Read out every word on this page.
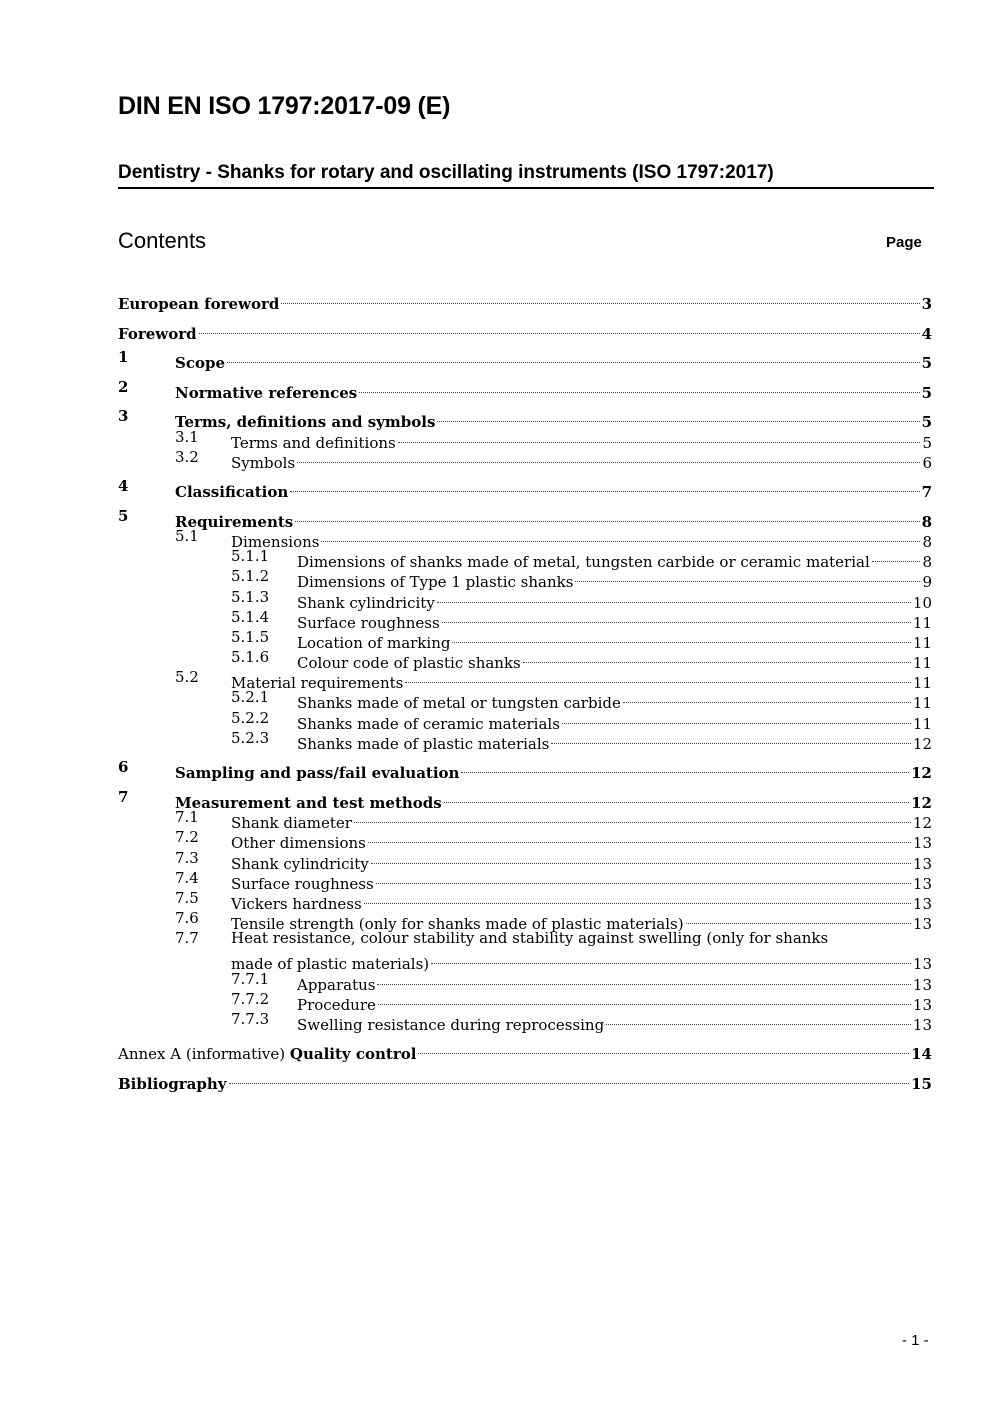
DIN EN ISO 1797:2017-09 (E)
Dentistry - Shanks for rotary and oscillating instruments (ISO 1797:2017)
Contents	Page
European foreword	3
Foreword	4
1	Scope	5
2	Normative references	5
3	Terms, definitions and symbols	5
3.1 Terms and definitions	5
3.2 Symbols	6
4	Classification	7
5	Requirements	8
5.1 Dimensions	8
5.1.1 Dimensions of shanks made of metal, tungsten carbide or ceramic material	8
5.1.2 Dimensions of Type 1 plastic shanks	9
5.1.3 Shank cylindricity	10
5.1.4 Surface roughness	11
5.1.5 Location of marking	11
5.1.6 Colour code of plastic shanks	11
5.2 Material requirements	11
5.2.1 Shanks made of metal or tungsten carbide	11
5.2.2 Shanks made of ceramic materials	11
5.2.3 Shanks made of plastic materials	12
6	Sampling and pass/fail evaluation	12
7	Measurement and test methods	12
7.1 Shank diameter	12
7.2 Other dimensions	13
7.3 Shank cylindricity	13
7.4 Surface roughness	13
7.5 Vickers hardness	13
7.6 Tensile strength (only for shanks made of plastic materials)	13
7.7 Heat resistance, colour stability and stability against swelling (only for shanks
made of plastic materials)	13
7.7.1 Apparatus	13
7.7.2 Procedure	13
7.7.3 Swelling resistance during reprocessing	13
Annex A (informative) Quality control	14
Bibliography	15
- 1 -
